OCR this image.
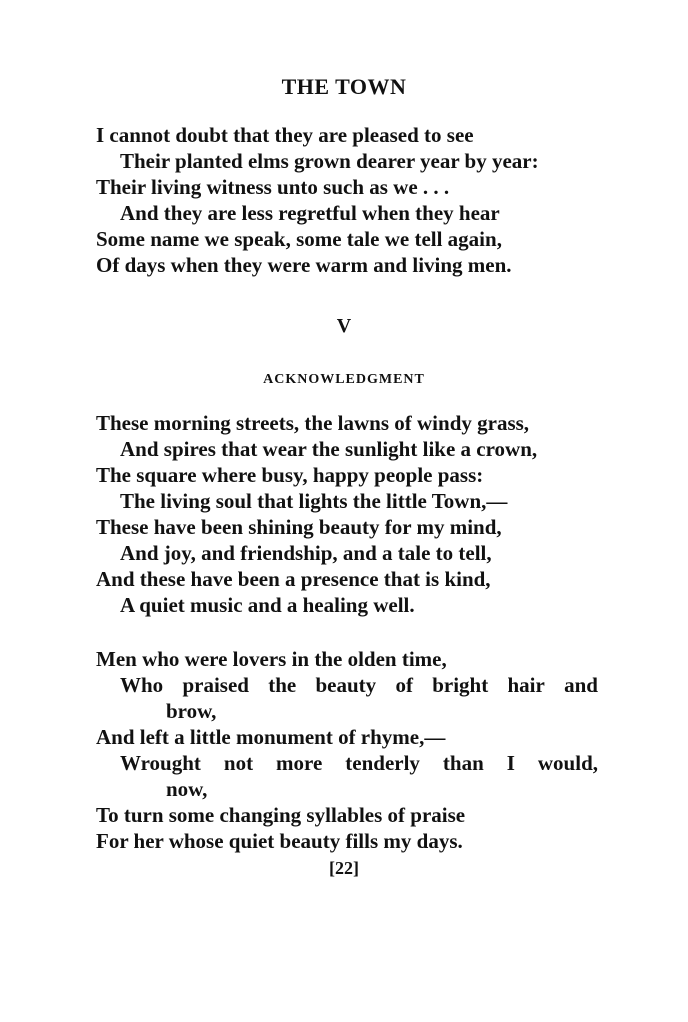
THE TOWN
I cannot doubt that they are pleased to see
Their planted elms grown dearer year by year:
Their living witness unto such as we . . .
And they are less regretful when they hear
Some name we speak, some tale we tell again,
Of days when they were warm and living men.
V
ACKNOWLEDGMENT
These morning streets, the lawns of windy grass,
And spires that wear the sunlight like a crown,
The square where busy, happy people pass:
The living soul that lights the little Town,—
These have been shining beauty for my mind,
And joy, and friendship, and a tale to tell,
And these have been a presence that is kind,
A quiet music and a healing well.
Men who were lovers in the olden time,
Who praised the beauty of bright hair and
brow,
And left a little monument of rhyme,—
Wrought not more tenderly than I would,
now,
To turn some changing syllables of praise
For her whose quiet beauty fills my days.
[22]
